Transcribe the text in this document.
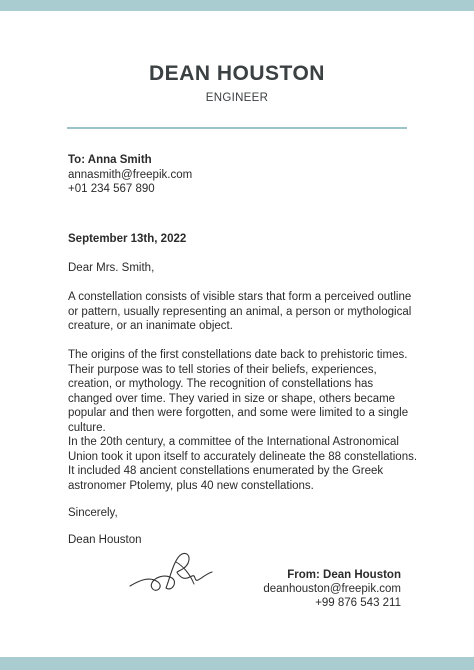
DEAN HOUSTON
ENGINEER
To: Anna Smith
annasmith@freepik.com
+01 234 567 890
September 13th, 2022
Dear Mrs. Smith,

A constellation consists of visible stars that form a perceived outline or pattern, usually representing an animal, a person or mythological creature, or an inanimate object.

The origins of the first constellations date back to prehistoric times. Their purpose was to tell stories of their beliefs, experiences, creation, or mythology. The recognition of constellations has changed over time. They varied in size or shape, others became popular and then were forgotten, and some were limited to a single culture.

In the 20th century, a committee of the International Astronomical Union took it upon itself to accurately delineate the 88 constellations. It included 48 ancient constellations enumerated by the Greek astronomer Ptolemy, plus 40 new constellations.

Sincerely,
Dean Houston
From: Dean Houston
deanhouston@freepik.com
+99 876 543 211
